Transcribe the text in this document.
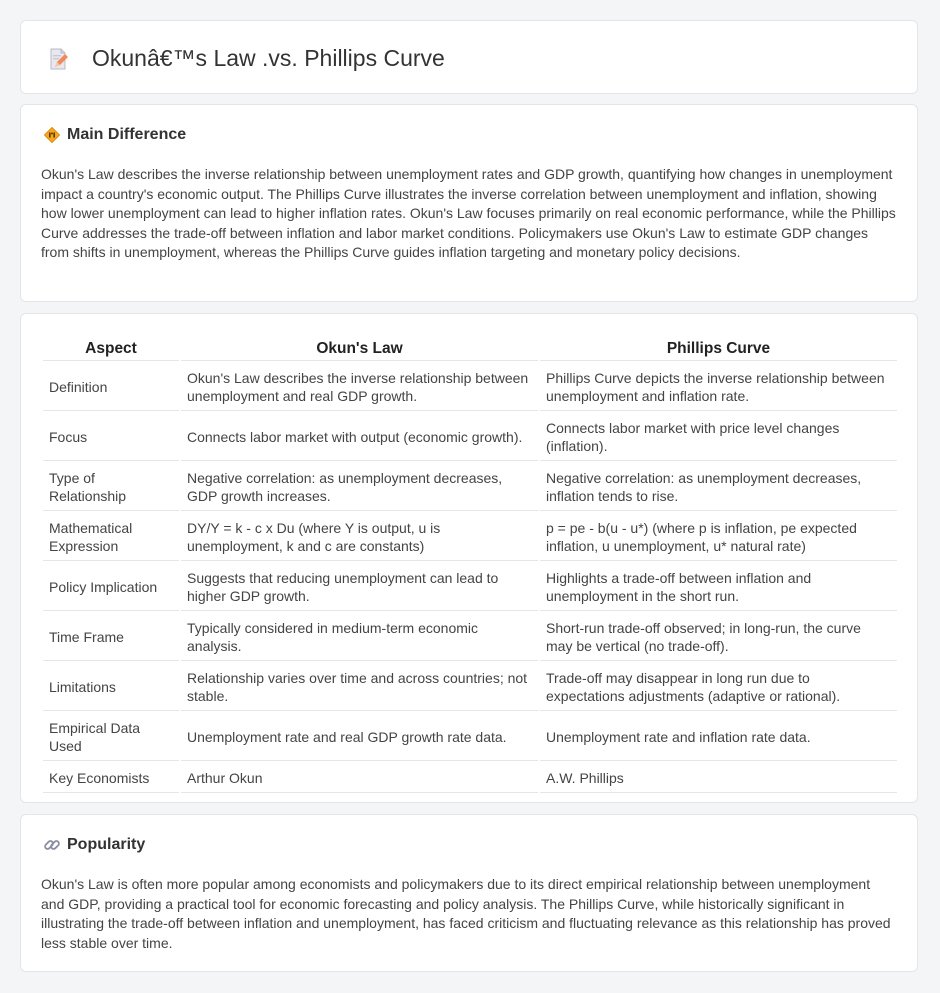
Okunâ€™s Law .vs. Phillips Curve
Main Difference

Okun's Law describes the inverse relationship between unemployment rates and GDP growth, quantifying how changes in unemployment impact a country's economic output. The Phillips Curve illustrates the inverse correlation between unemployment and inflation, showing how lower unemployment can lead to higher inflation rates. Okun's Law focuses primarily on real economic performance, while the Phillips Curve addresses the trade-off between inflation and labor market conditions. Policymakers use Okun's Law to estimate GDP changes from shifts in unemployment, whereas the Phillips Curve guides inflation targeting and monetary policy decisions.

Aspect	Okun's Law	Phillips Curve
Definition	Okun's Law describes the inverse relationship between unemployment and real GDP growth.	Phillips Curve depicts the inverse relationship between unemployment and inflation rate.
Focus	Connects labor market with output (economic growth).	Connects labor market with price level changes (inflation).
Type of Relationship	Negative correlation: as unemployment decreases, GDP growth increases.	Negative correlation: as unemployment decreases, inflation tends to rise.
Mathematical Expression	DY/Y = k - c x Du (where Y is output, u is unemployment, k and c are constants)	p = pe - b(u - u*) (where p is inflation, pe expected inflation, u unemployment, u* natural rate)
Policy Implication	Suggests that reducing unemployment can lead to higher GDP growth.	Highlights a trade-off between inflation and unemployment in the short run.
Time Frame	Typically considered in medium-term economic analysis.	Short-run trade-off observed; in long-run, the curve may be vertical (no trade-off).
Limitations	Relationship varies over time and across countries; not stable.	Trade-off may disappear in long run due to expectations adjustments (adaptive or rational).
Empirical Data Used	Unemployment rate and real GDP growth rate data.	Unemployment rate and inflation rate data.
Key Economists	Arthur Okun	A.W. Phillips
Popularity

Okun's Law is often more popular among economists and policymakers due to its direct empirical relationship between unemployment and GDP, providing a practical tool for economic forecasting and policy analysis. The Phillips Curve, while historically significant in illustrating the trade-off between inflation and unemployment, has faced criticism and fluctuating relevance as this relationship has proved less stable over time.
